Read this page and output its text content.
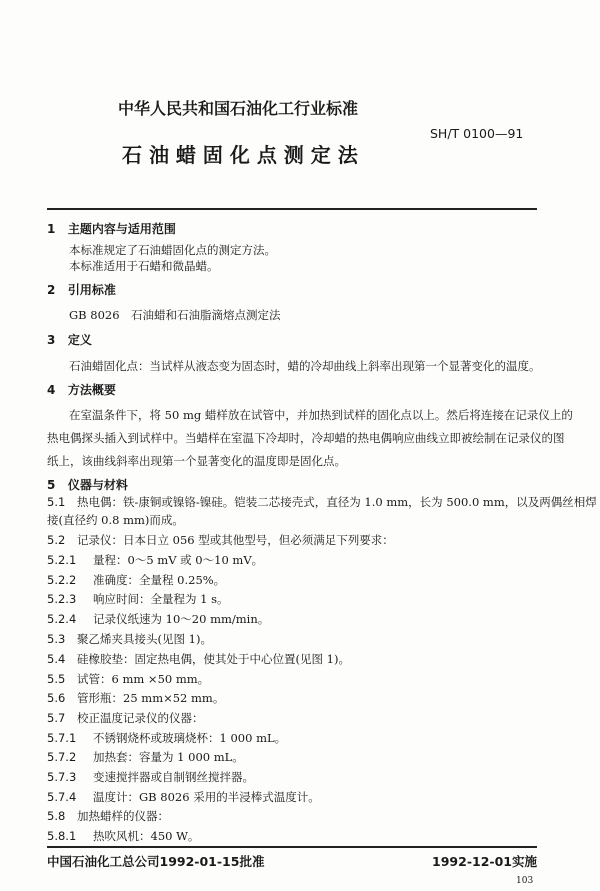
中华人民共和国石油化工行业标准
SH/T 0100—91
石 油 蜡 固 化 点 测 定 法
1 主题内容与适用范围
本标准规定了石油蜡固化点的测定方法。
本标准适用于石蜡和微晶蜡。
2 引用标准
GB 8026　石油蜡和石油脂滴熔点测定法
3 定义
石油蜡固化点：当试样从液态变为固态时，蜡的冷却曲线上斜率出现第一个显著变化的温度。
4 方法概要
在室温条件下，将 50 mg 蜡样放在试管中，并加热到试样的固化点以上。然后将连接在记录仪上的
热电偶探头插入到试样中。当蜡样在室温下冷却时，冷却蜡的热电偶响应曲线立即被绘制在记录仪的图
纸上，该曲线斜率出现第一个显著变化的温度即是固化点。
5 仪器与材料
5.1 热电偶：铁-康铜或镍铬-镍硅。铠装二芯接壳式，直径为 1.0 mm，长为 500.0 mm，以及两偶丝相焊
接(直径约 0.8 mm)而成。
5.2 记录仪：日本日立 056 型或其他型号，但必须满足下列要求：
5.2.1 量程：0～5 mV 或 0～10 mV。
5.2.2 准确度：全量程 0.25%。
5.2.3 响应时间：全量程为 1 s。
5.2.4 记录仪纸速为 10～20 mm/min。
5.3 聚乙烯夹具接头(见图 1)。
5.4 硅橡胶垫：固定热电偶，使其处于中心位置(见图 1)。
5.5 试管：6 mm ×50 mm。
5.6 管形瓶：25 mm×52 mm。
5.7 校正温度记录仪的仪器：
5.7.1 不锈钢烧杯或玻璃烧杯：1 000 mL。
5.7.2 加热套：容量为 1 000 mL。
5.7.3 变速搅拌器或自制钢丝搅拌器。
5.7.4 温度计：GB 8026 采用的半浸棒式温度计。
5.8 加热蜡样的仪器：
5.8.1 热吹风机：450 W。
中国石油化工总公司1992-01-15批准	1992-12-01实施
103
